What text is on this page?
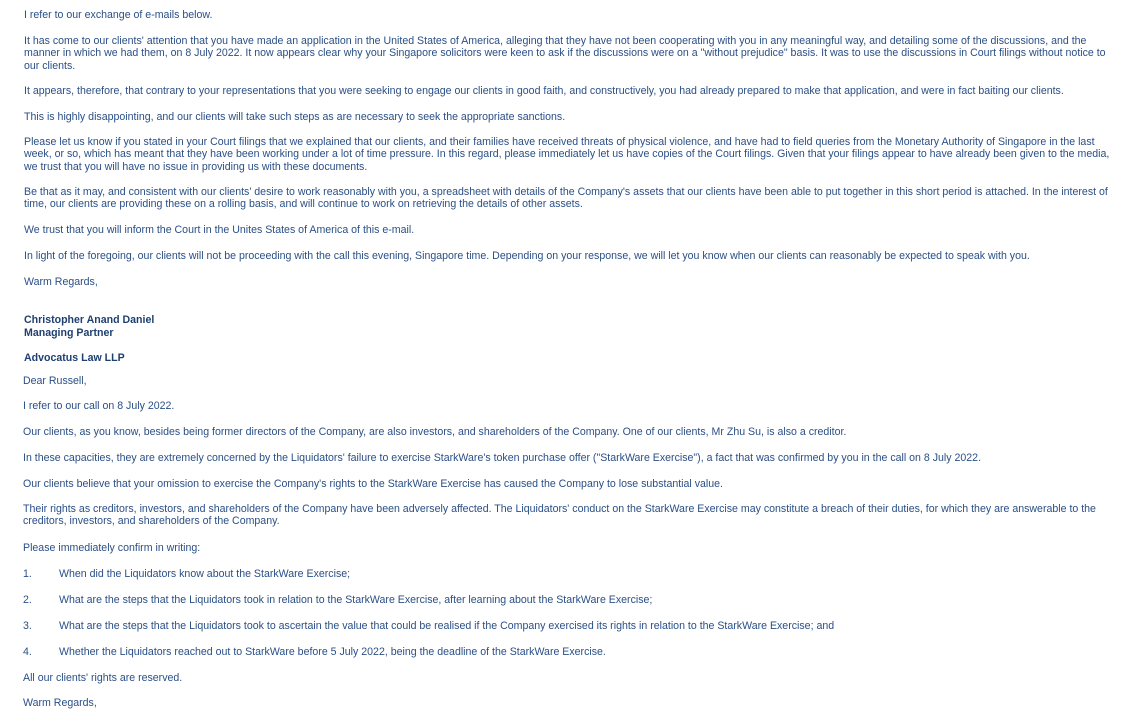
I refer to our exchange of e-mails below.

It has come to our clients' attention that you have made an application in the United States of America, alleging that they have not been cooperating with you in any meaningful way, and detailing some of the discussions, and the manner in which we had them, on 8 July 2022. It now appears clear why your Singapore solicitors were keen to ask if the discussions were on a "without prejudice" basis. It was to use the discussions in Court filings without notice to our clients.

It appears, therefore, that contrary to your representations that you were seeking to engage our clients in good faith, and constructively, you had already prepared to make that application, and were in fact baiting our clients.

This is highly disappointing, and our clients will take such steps as are necessary to seek the appropriate sanctions.

Please let us know if you stated in your Court filings that we explained that our clients, and their families have received threats of physical violence, and have had to field queries from the Monetary Authority of Singapore in the last week, or so, which has meant that they have been working under a lot of time pressure. In this regard, please immediately let us have copies of the Court filings. Given that your filings appear to have already been given to the media, we trust that you will have no issue in providing us with these documents.

Be that as it may, and consistent with our clients' desire to work reasonably with you, a spreadsheet with details of the Company's assets that our clients have been able to put together in this short period is attached. In the interest of time, our clients are providing these on a rolling basis, and will continue to work on retrieving the details of other assets.

We trust that you will inform the Court in the Unites States of America of this e-mail.

In light of the foregoing, our clients will not be proceeding with the call this evening, Singapore time. Depending on your response, we will let you know when our clients can reasonably be expected to speak with you.

Warm Regards,

Christopher Anand Daniel

Managing Partner

Advocatus Law LLP

Dear Russell,

I refer to our call on 8 July 2022.

Our clients, as you know, besides being former directors of the Company, are also investors, and shareholders of the Company. One of our clients, Mr Zhu Su, is also a creditor.

In these capacities, they are extremely concerned by the Liquidators' failure to exercise StarkWare's token purchase offer ("StarkWare Exercise"), a fact that was confirmed by you in the call on 8 July 2022.

Our clients believe that your omission to exercise the Company's rights to the StarkWare Exercise has caused the Company to lose substantial value.

Their rights as creditors, investors, and shareholders of the Company have been adversely affected. The Liquidators' conduct on the StarkWare Exercise may constitute a breach of their duties, for which they are answerable to the creditors, investors, and shareholders of the Company.

Please immediately confirm in writing:

1.	When did the Liquidators know about the StarkWare Exercise;

2.	What are the steps that the Liquidators took in relation to the StarkWare Exercise, after learning about the StarkWare Exercise;

3.	What are the steps that the Liquidators took to ascertain the value that could be realised if the Company exercised its rights in relation to the StarkWare Exercise; and

4.	Whether the Liquidators reached out to StarkWare before 5 July 2022, being the deadline of the StarkWare Exercise.

All our clients' rights are reserved.

Warm Regards,
